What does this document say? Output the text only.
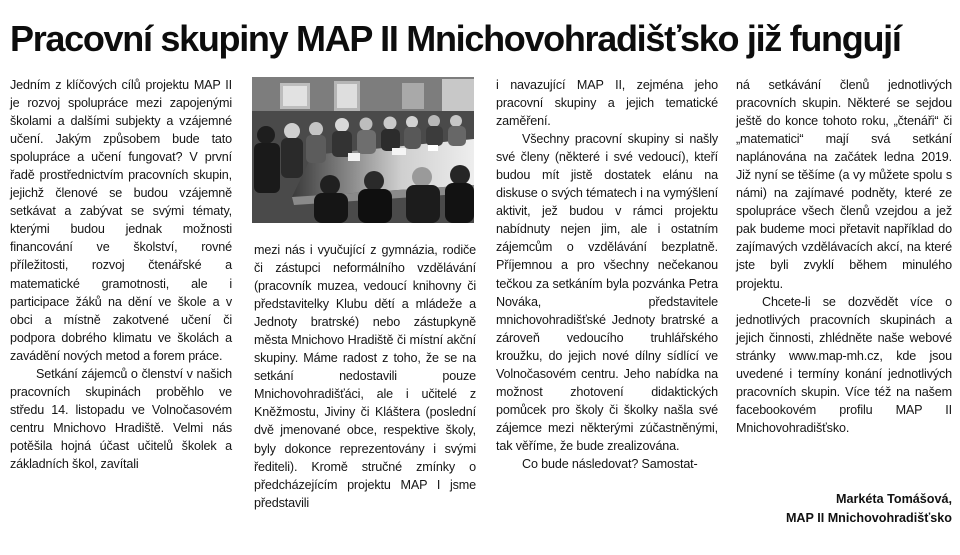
Pracovní skupiny MAP II Mnichovohradišťsko již fungují

Jedním z klíčových cílů projektu MAP II je rozvoj spolupráce mezi zapojenými školami a dalšími subjekty a vzájemné učení. Jakým způsobem bude tato spolupráce a učení fungovat? V první řadě prostřednictvím pracovních skupin, jejichž členové se budou vzájemně setkávat a zabývat se svými tématy, kterými budou jednak možnosti financování ve školství, rovné příležitosti, rozvoj čtenářské a matematické gramotnosti, ale i participace žáků na dění ve škole a v obci a místně zakotvené učení či podpora dobrého klimatu ve školách a zavádění nových metod a forem práce.

Setkání zájemců o členství v našich pracovních skupinách proběhlo ve středu 14. listopadu ve Volnočasovém centru Mnichovo Hradiště. Velmi nás potěšila hojná účast učitelů školek a základních škol, zavítali

mezi nás i vyučující z gymnázia, rodiče či zástupci neformálního vzdělávání (pracovník muzea, vedoucí knihovny či představitelky Klubu dětí a mládeže a Jednoty bratrské) nebo zástupkyně města Mnichovo Hradiště či místní akční skupiny. Máme radost z toho, že se na setkání nedostavili pouze Mnichovohradišťáci, ale i učitelé z Kněžmostu, Jiviny či Kláštera (poslední dvě jmenované obce, respektive školy, byly dokonce reprezentovány i svými řediteli). Kromě stručné zmínky o předcházejícím projektu MAP I jsme představili

i navazující MAP II, zejména jeho pracovní skupiny a jejich tematické zaměření.

Všechny pracovní skupiny si našly své členy (některé i své vedoucí), kteří budou mít jistě dostatek elánu na diskuse o svých tématech i na vymýšlení aktivit, jež budou v rámci projektu nabídnuty nejen jim, ale i ostatním zájemcům o vzdělávání bezplatně. Příjemnou a pro všechny nečekanou tečkou za setkáním byla pozvánka Petra Nováka, představitele mnichovohradišťské Jednoty bratrské a zároveň vedoucího truhlářského kroužku, do jejich nové dílny sídlící ve Volnočasovém centru. Jeho nabídka na možnost zhotovení didaktických pomůcek pro školy či školky našla své zájemce mezi některými zúčastněnými, tak věříme, že bude zrealizována.

Co bude následovat? Samostat-

ná setkávání členů jednotlivých pracovních skupin. Některé se sejdou ještě do konce tohoto roku, „čtenáři“ či „matematici“ mají svá setkání naplánována na začátek ledna 2019. Již nyní se těšíme (a vy můžete spolu s námi) na zajímavé podněty, které ze spolupráce všech členů vzejdou a jež pak budeme moci přetavit například do zajímavých vzdělávacích akcí, na které jste byli zvyklí během minulého projektu.

Chcete-li se dozvědět více o jednotlivých pracovních skupinách a jejich činnosti, zhlédněte naše webové stránky www.map-mh.cz, kde jsou uvedené i termíny konání jednotlivých pracovních skupin. Více též na našem facebookovém profilu MAP II Mnichovohradišťsko.

Markéta Tomášová,
MAP II Mnichovohradišťsko
